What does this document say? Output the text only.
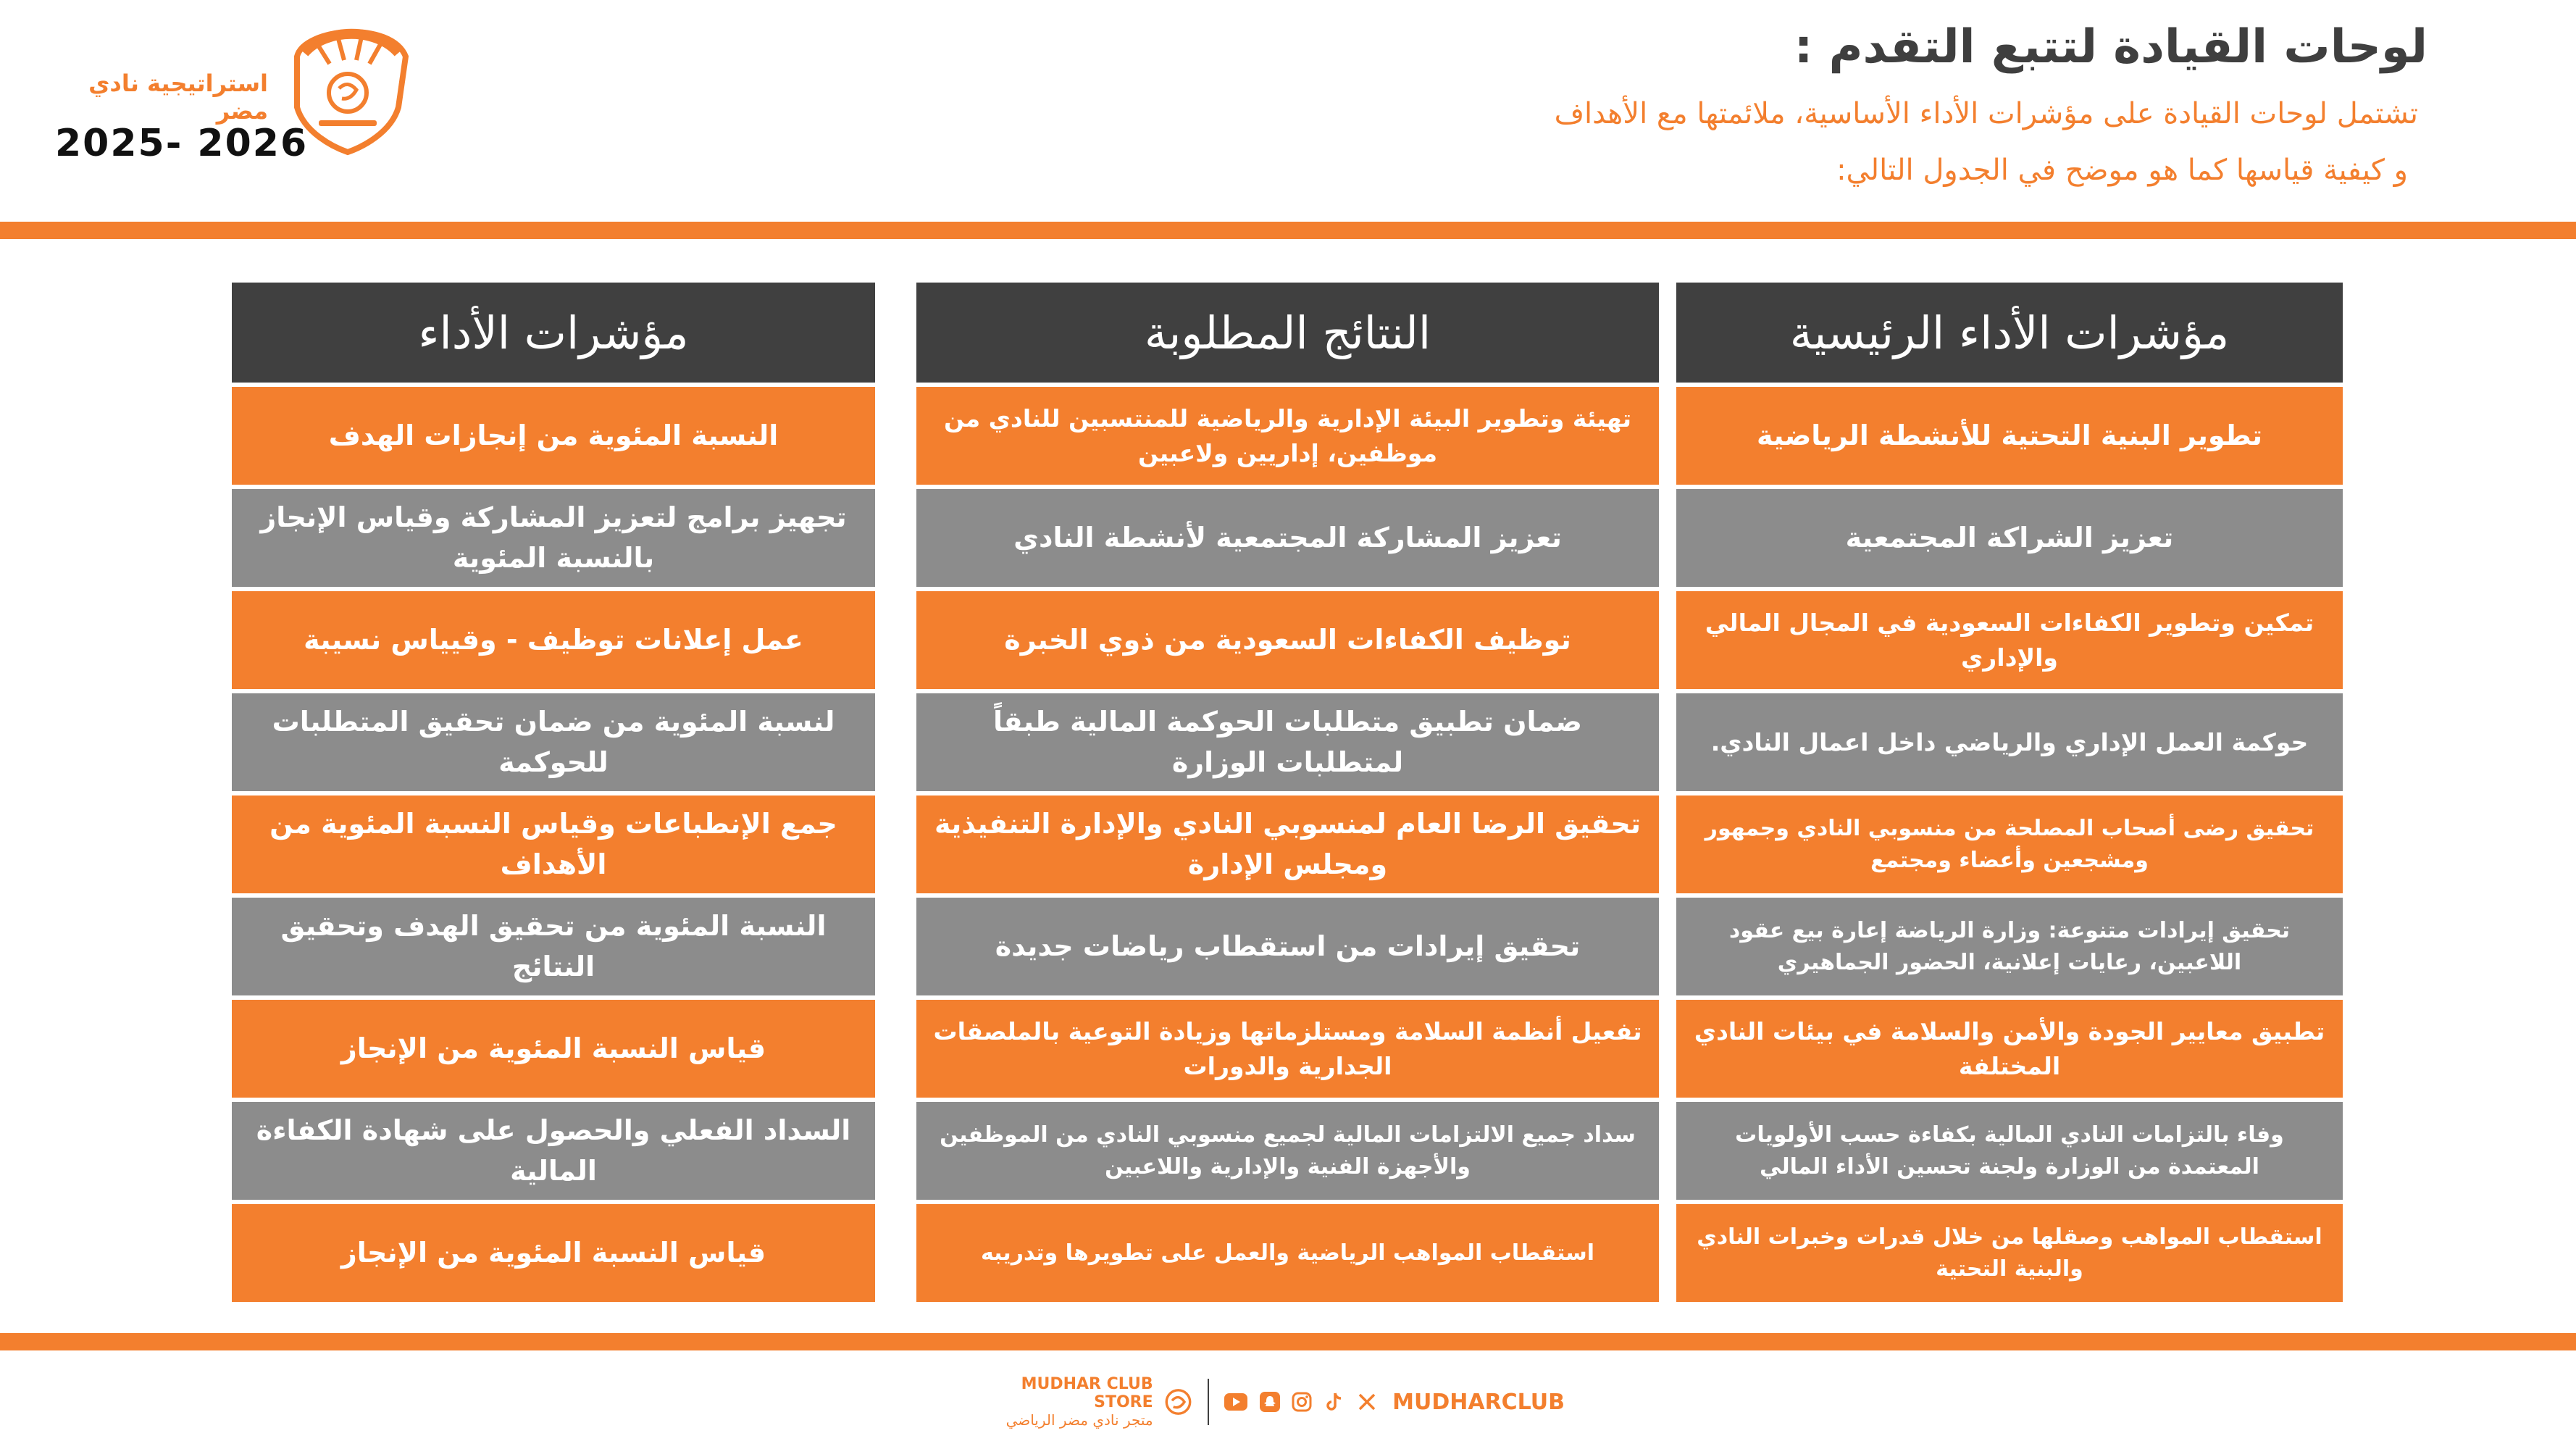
لوحات القيادة لتتبع التقدم :

تشتمل لوحات القيادة على مؤشرات الأداء الأساسية، ملائمتها مع الأهداف

و كيفية قياسها كما هو موضح في الجدول التالي:

استراتيجية نادي مضر
2025- 2026
مؤشرات الأداء
النسبة المئوية من إنجازات الهدف
تجهيز برامج لتعزيز المشاركة وقياس الإنجاز بالنسبة المئوية
عمل إعلانات توظيف - وقيياس نسيبة
لنسبة المئوية من ضمان تحقيق المتطلبات للحوكمة
جمع الإنطباعات وقياس النسبة المئوية من الأهداف
النسبة المئوية من تحقيق الهدف وتحقيق النتائج
قياس النسبة المئوية من الإنجاز
السداد الفعلي والحصول على شهادة الكفاءة المالية
قياس النسبة المئوية من الإنجاز
النتائج المطلوبة
تهيئة وتطوير البيئة الإدارية والرياضية للمنتسبين للنادي من موظفين، إداريين ولاعبين
تعزيز المشاركة المجتمعية لأنشطة النادي
توظيف الكفاءات السعودية من ذوي الخبرة
ضمان تطبيق متطلبات الحوكمة المالية طبقاً لمتطلبات الوزارة
تحقيق الرضا العام لمنسوبي النادي والإدارة التنفيذية ومجلس الإدارة
تحقيق إيرادات من استقطاب رياضات جديدة
تفعيل أنظمة السلامة ومستلزماتها وزيادة التوعية بالملصقات الجدارية والدورات
سداد جميع الالتزامات المالية لجميع منسوبي النادي من الموظفين والأجهزة الفنية والإدارية واللاعبين
استقطاب المواهب الرياضية والعمل على تطويرها وتدريبه
مؤشرات الأداء الرئيسية
تطوير البنية التحتية للأنشطة الرياضية
تعزيز الشراكة المجتمعية
تمكين وتطوير الكفاءات السعودية في المجال المالي والإداري
حوكمة العمل الإداري والرياضي داخل اعمال النادي.
تحقيق رضى أصحاب المصلحة من منسوبي النادي وجمهور ومشجعين وأعضاء ومجتمع
تحقيق إيرادات متنوعة: وزارة الرياضة إعارة بيع عقود اللاعبين، رعايات إعلانية، الحضور الجماهيري
تطبيق معايير الجودة والأمن والسلامة في بيئات النادي المختلفة
وفاء بالتزامات النادي المالية بكفاءة حسب الأولويات المعتمدة من الوزارة ولجنة تحسين الأداء المالي
استقطاب المواهب وصقلها من خلال قدرات وخبرات النادي والبنية التحتية
MUDHAR CLUB STORE
متجر نادي مضر الرياضي
MUDHARCLUB
